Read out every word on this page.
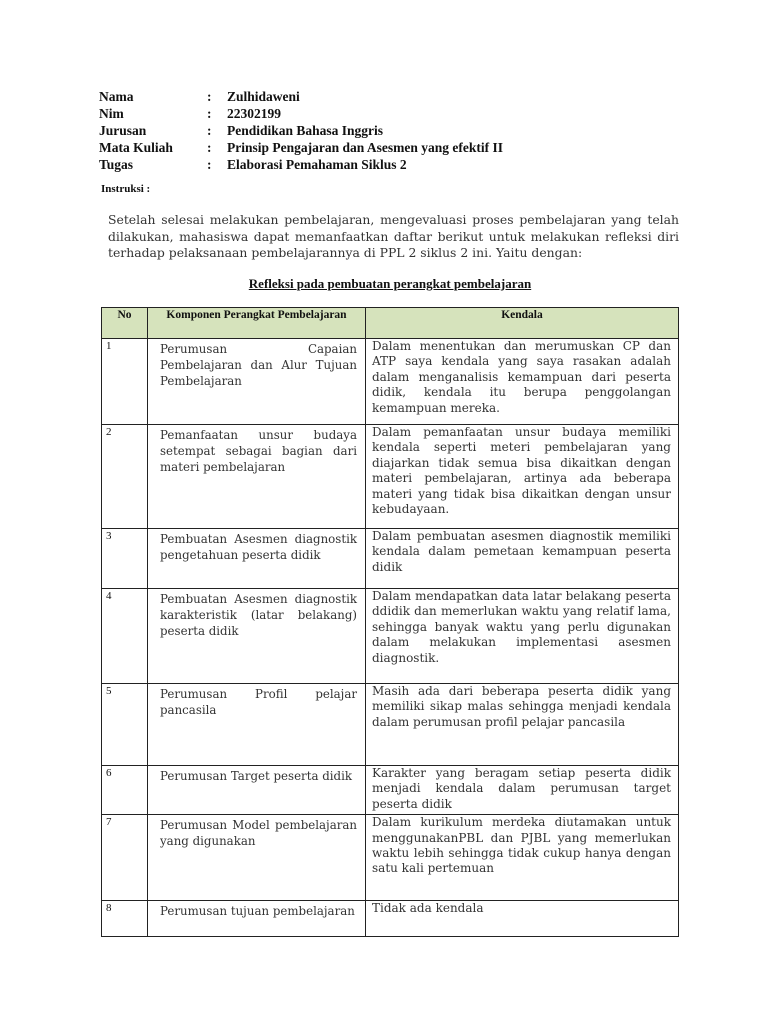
Nama	:	Zulhidaweni
Nim	:	22302199
Jurusan	:	Pendidikan Bahasa Inggris
Mata Kuliah	:	Prinsip Pengajaran dan Asesmen yang efektif II
Tugas	:	Elaborasi Pemahaman Siklus 2
Instruksi :
Setelah selesai melakukan pembelajaran, mengevaluasi proses pembelajaran yang telah dilakukan, mahasiswa dapat memanfaatkan daftar berikut untuk melakukan refleksi diri terhadap pelaksanaan pembelajarannya di PPL 2 siklus 2 ini. Yaitu dengan:
Refleksi pada pembuatan perangkat pembelajaran
No	Komponen Perangkat Pembelajaran	Kendala
1	Perumusan Capaian Pembelajaran dan Alur Tujuan Pembelajaran	Dalam menentukan dan merumuskan CP dan ATP saya kendala yang saya rasakan adalah dalam menganalisis kemampuan dari peserta didik, kendala itu berupa penggolangan kemampuan mereka.
2	Pemanfaatan unsur budaya setempat sebagai bagian dari materi pembelajaran	Dalam pemanfaatan unsur budaya memiliki kendala seperti meteri pembelajaran yang diajarkan tidak semua bisa dikaitkan dengan materi pembelajaran, artinya ada beberapa materi yang tidak bisa dikaitkan dengan unsur kebudayaan.
3	Pembuatan Asesmen diagnostik pengetahuan peserta didik	Dalam pembuatan asesmen diagnostik memiliki kendala dalam pemetaan kemampuan peserta didik
4	Pembuatan Asesmen diagnostik karakteristik (latar belakang) peserta didik	Dalam mendapatkan data latar belakang peserta ddidik dan memerlukan waktu yang relatif lama, sehingga banyak waktu yang perlu digunakan dalam melakukan implementasi asesmen diagnostik.
5	Perumusan Profil pelajar pancasila	Masih ada dari beberapa peserta didik yang memiliki sikap malas sehingga menjadi kendala dalam perumusan profil pelajar pancasila
6	Perumusan Target peserta didik	Karakter yang beragam setiap peserta didik menjadi kendala dalam perumusan target peserta didik
7	Perumusan Model pembelajaran yang digunakan	Dalam kurikulum merdeka diutamakan untuk menggunakanPBL dan PJBL yang memerlukan waktu lebih sehingga tidak cukup hanya dengan satu kali pertemuan
8	Perumusan tujuan pembelajaran	Tidak ada kendala
